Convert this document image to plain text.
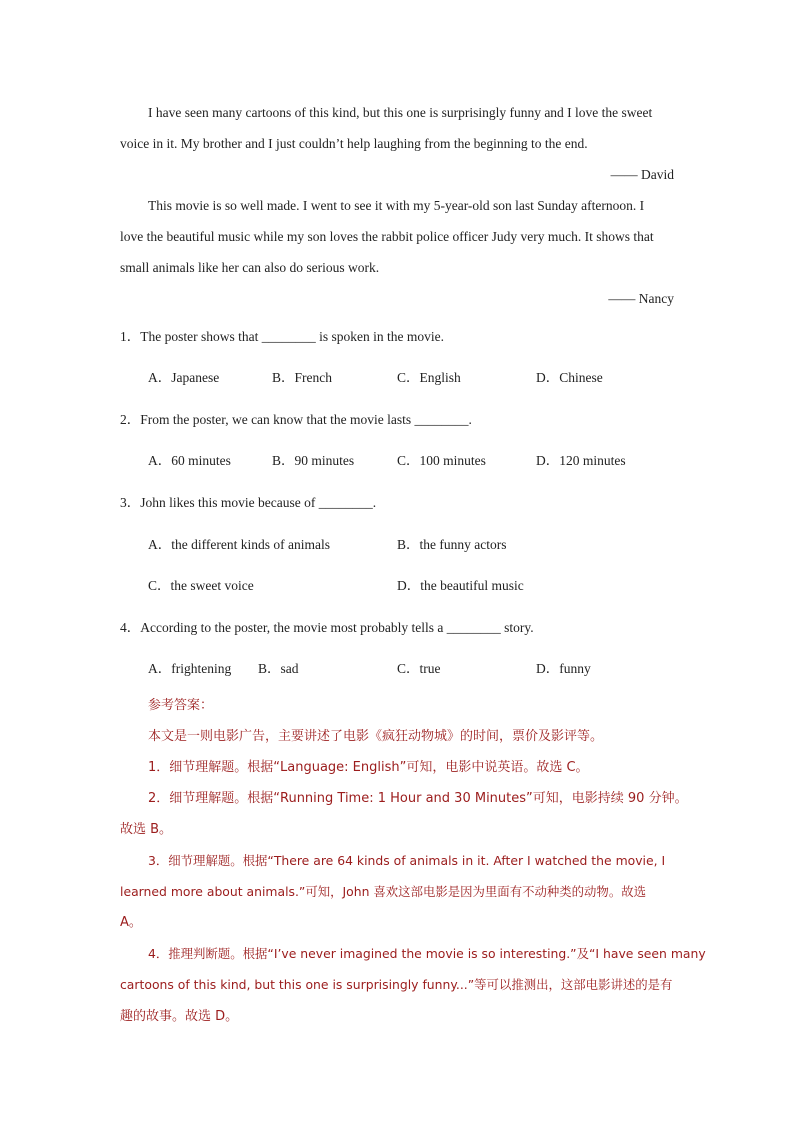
I have seen many cartoons of this kind, but this one is surprisingly funny and I love the sweet
voice in it. My brother and I just couldn’t help laughing from the beginning to the end.
—— David
This movie is so well made. I went to see it with my 5-year-old son last Sunday afternoon. I
love the beautiful music while my son loves the rabbit police officer Judy very much. It shows that
small animals like her can also do serious work.
—— Nancy
1．The poster shows that ________ is spoken in the movie.
A．Japanese	B．French	C．English	D．Chinese
2．From the poster, we can know that the movie lasts ________.
A．60 minutes	B．90 minutes	C．100 minutes	D．120 minutes
3．John likes this movie because of ________.
A．the different kinds of animals	B．the funny actors
C．the sweet voice	D．the beautiful music
4．According to the poster, the movie most probably tells a ________ story.
A．frightening B．sad	C．true	D．funny
参考答案：
本文是一则电影广告，主要讲述了电影《疯狂动物城》的时间，票价及影评等。
1．细节理解题。根据“Language: English”可知，电影中说英语。故选 C。
2．细节理解题。根据“Running Time: 1 Hour and 30 Minutes”可知，电影持续 90 分钟。
故选 B。
3．细节理解题。根据“There are 64 kinds of animals in it. After I watched the movie, I
learned more about animals.”可知，John 喜欢这部电影是因为里面有不动种类的动物。故选
A。
4．推理判断题。根据“I’ve never imagined the movie is so interesting.”及“I have seen many
cartoons of this kind, but this one is surprisingly funny...”等可以推测出，这部电影讲述的是有
趣的故事。故选 D。
